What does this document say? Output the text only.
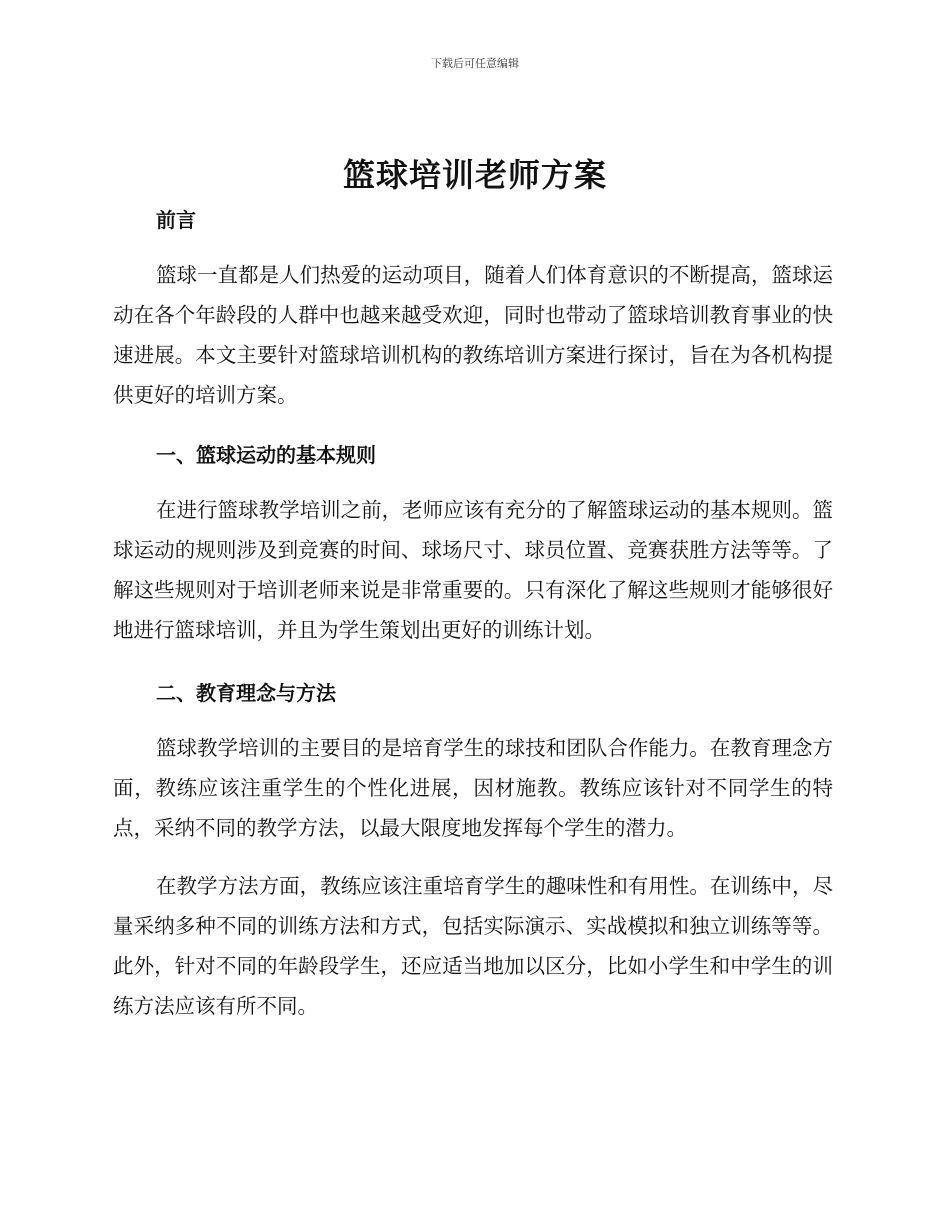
下载后可任意编辑
篮球培训老师方案
前言

篮球一直都是人们热爱的运动项目，随着人们体育意识的不断提高，篮球运动在各个年龄段的人群中也越来越受欢迎，同时也带动了篮球培训教育事业的快速进展。本文主要针对篮球培训机构的教练培训方案进行探讨，旨在为各机构提供更好的培训方案。

一、篮球运动的基本规则

在进行篮球教学培训之前，老师应该有充分的了解篮球运动的基本规则。篮球运动的规则涉及到竞赛的时间、球场尺寸、球员位置、竞赛获胜方法等等。了解这些规则对于培训老师来说是非常重要的。只有深化了解这些规则才能够很好地进行篮球培训，并且为学生策划出更好的训练计划。

二、教育理念与方法

篮球教学培训的主要目的是培育学生的球技和团队合作能力。在教育理念方面，教练应该注重学生的个性化进展，因材施教。教练应该针对不同学生的特点，采纳不同的教学方法，以最大限度地发挥每个学生的潜力。

在教学方法方面，教练应该注重培育学生的趣味性和有用性。在训练中，尽量采纳多种不同的训练方法和方式，包括实际演示、实战模拟和独立训练等等。此外，针对不同的年龄段学生，还应适当地加以区分，比如小学生和中学生的训练方法应该有所不同。
